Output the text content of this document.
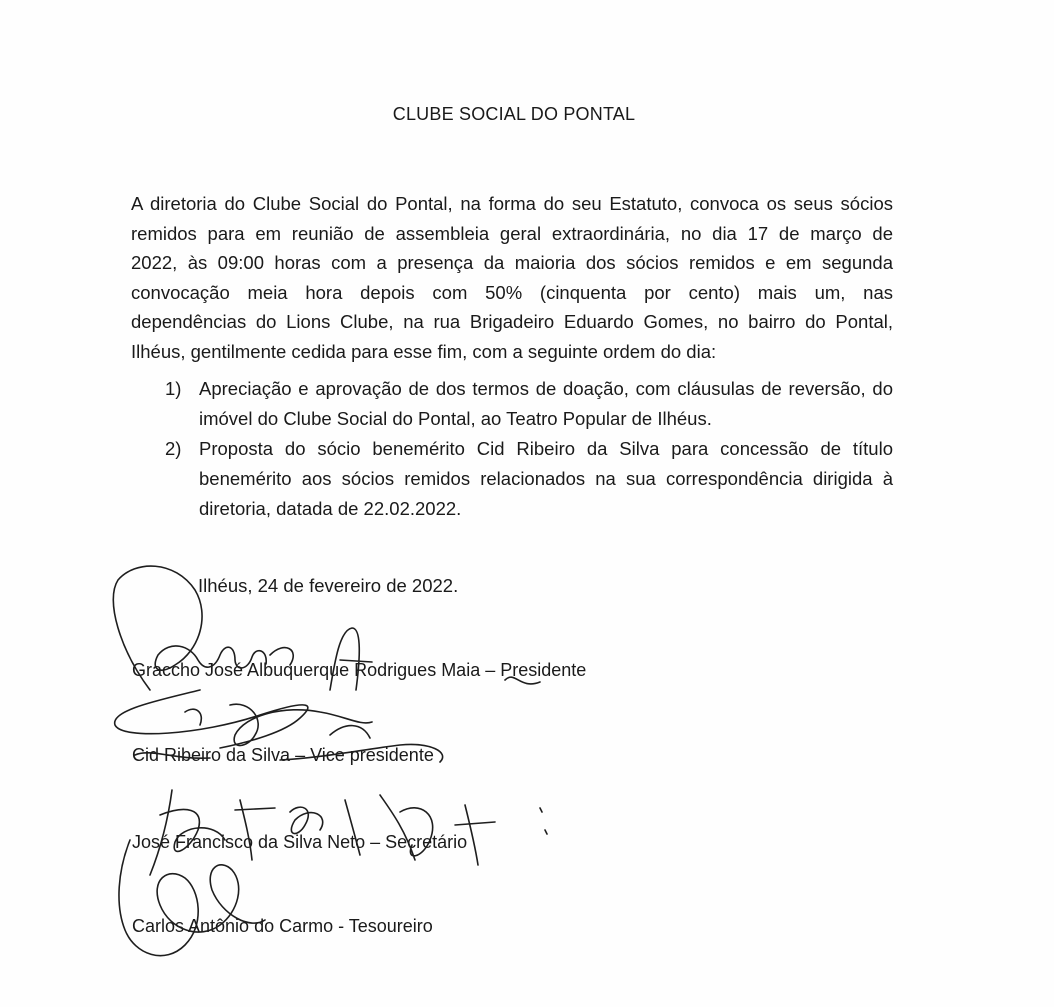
CLUBE SOCIAL DO PONTAL
A diretoria do Clube Social do Pontal, na forma do seu Estatuto, convoca os seus sócios
remidos para em reunião de assembleia geral extraordinária, no dia 17 de março de
2022, às 09:00 horas com a presença da maioria dos sócios remidos e em segunda
convocação meia hora depois com 50% (cinquenta por cento) mais um, nas
dependências do Lions Clube, na rua Brigadeiro Eduardo Gomes, no bairro do Pontal,
Ilhéus, gentilmente cedida para esse fim, com a seguinte ordem do dia:
1) Apreciação e aprovação de dos termos de doação, com cláusulas de reversão, do
imóvel do Clube Social do Pontal, ao Teatro Popular de Ilhéus.
2) Proposta do sócio benemérito Cid Ribeiro da Silva para concessão de título
benemérito aos sócios remidos relacionados na sua correspondência dirigida à
diretoria, datada de 22.02.2022.
Ilhéus, 24 de fevereiro de 2022.
Graccho José Albuquerque Rodrigues Maia – Presidente
Cid Ribeiro da Silva – Vice presidente
José Francisco da Silva Neto – Secretário
Carlos Antônio do Carmo - Tesoureiro
